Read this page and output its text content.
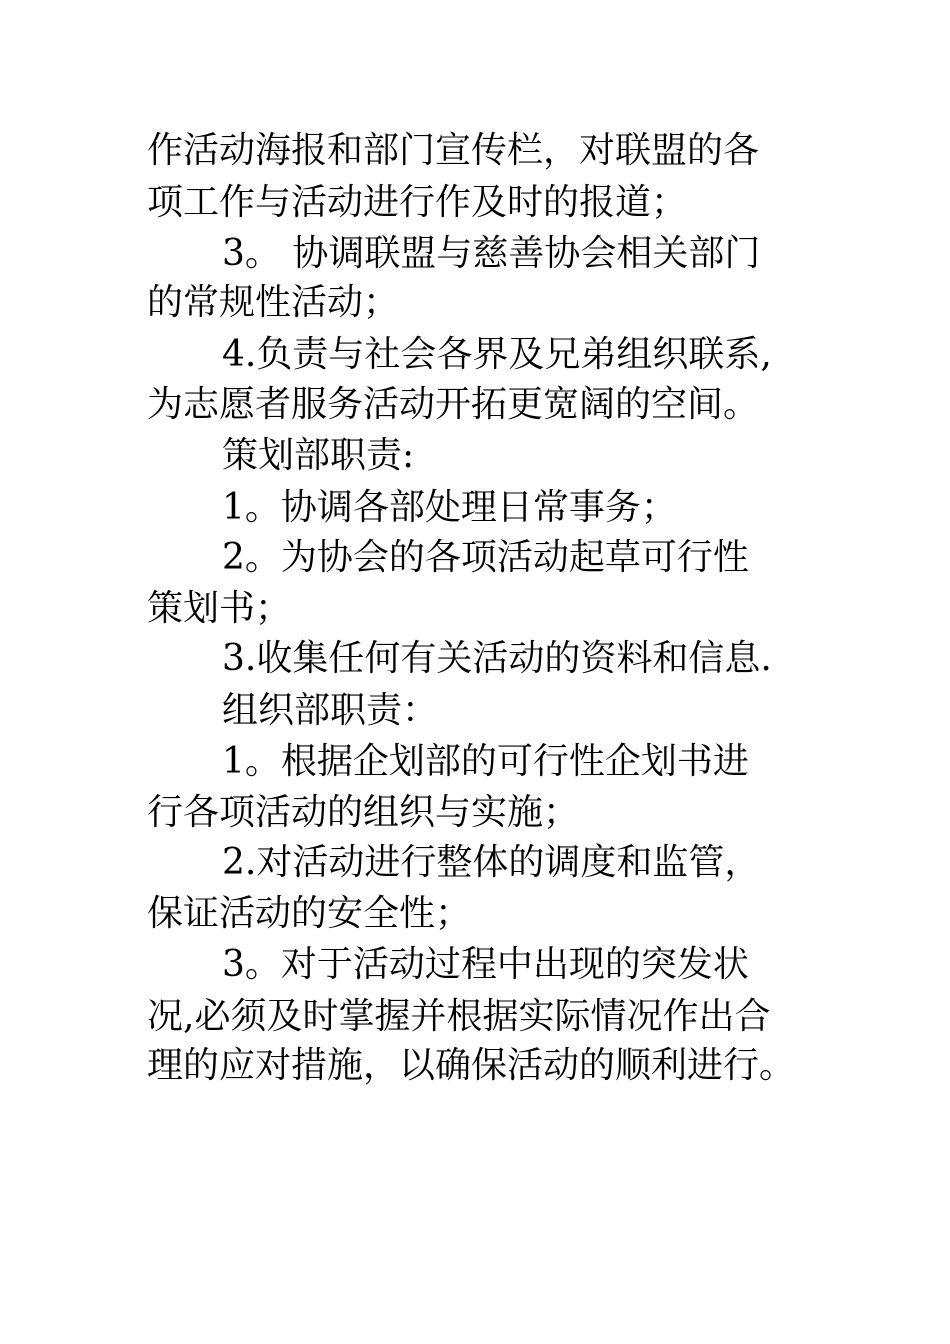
作活动海报和部门宣传栏，对联盟的各
项工作与活动进行作及时的报道；
3。 协调联盟与慈善协会相关部门
的常规性活动；
4.负责与社会各界及兄弟组织联系,
为志愿者服务活动开拓更宽阔的空间。
策划部职责:
1。协调各部处理日常事务；
2。为协会的各项活动起草可行性
策划书；
3.收集任何有关活动的资料和信息.
组织部职责：
1。根据企划部的可行性企划书进
行各项活动的组织与实施；
2.对活动进行整体的调度和监管，
保证活动的安全性；
3。对于活动过程中出现的突发状
况,必须及时掌握并根据实际情况作出合
理的应对措施，以确保活动的顺利进行。
